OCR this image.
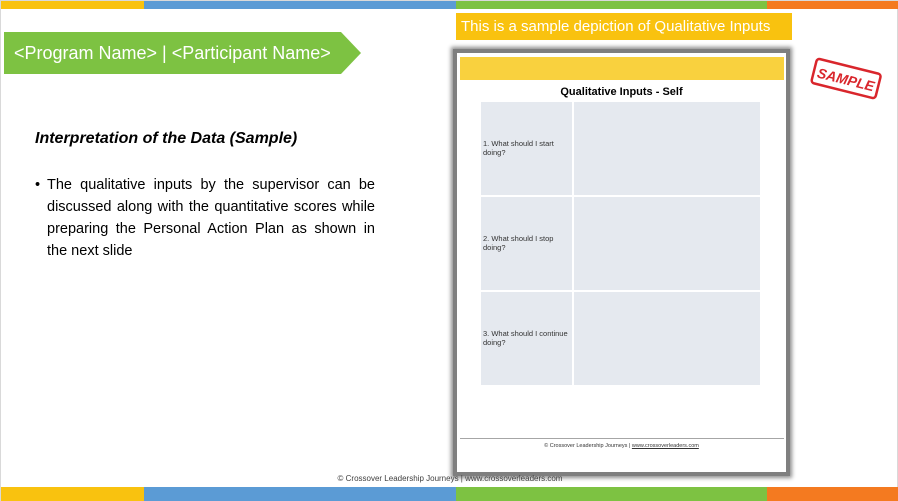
<Program Name> | <Participant Name>
Interpretation of the Data (Sample)
• The qualitative inputs by the supervisor can be discussed along with the quantitative scores while preparing the Personal Action Plan as shown in the next slide
This is a sample depiction of Qualitative Inputs
SAMPLE
Qualitative Inputs - Self
1. What should I start doing?
2. What should I stop doing?
3. What should I continue doing?
© Crossover Leadership Journeys | www.crossoverleaders.com
© Crossover Leadership Journeys | www.crossoverleaders.com
